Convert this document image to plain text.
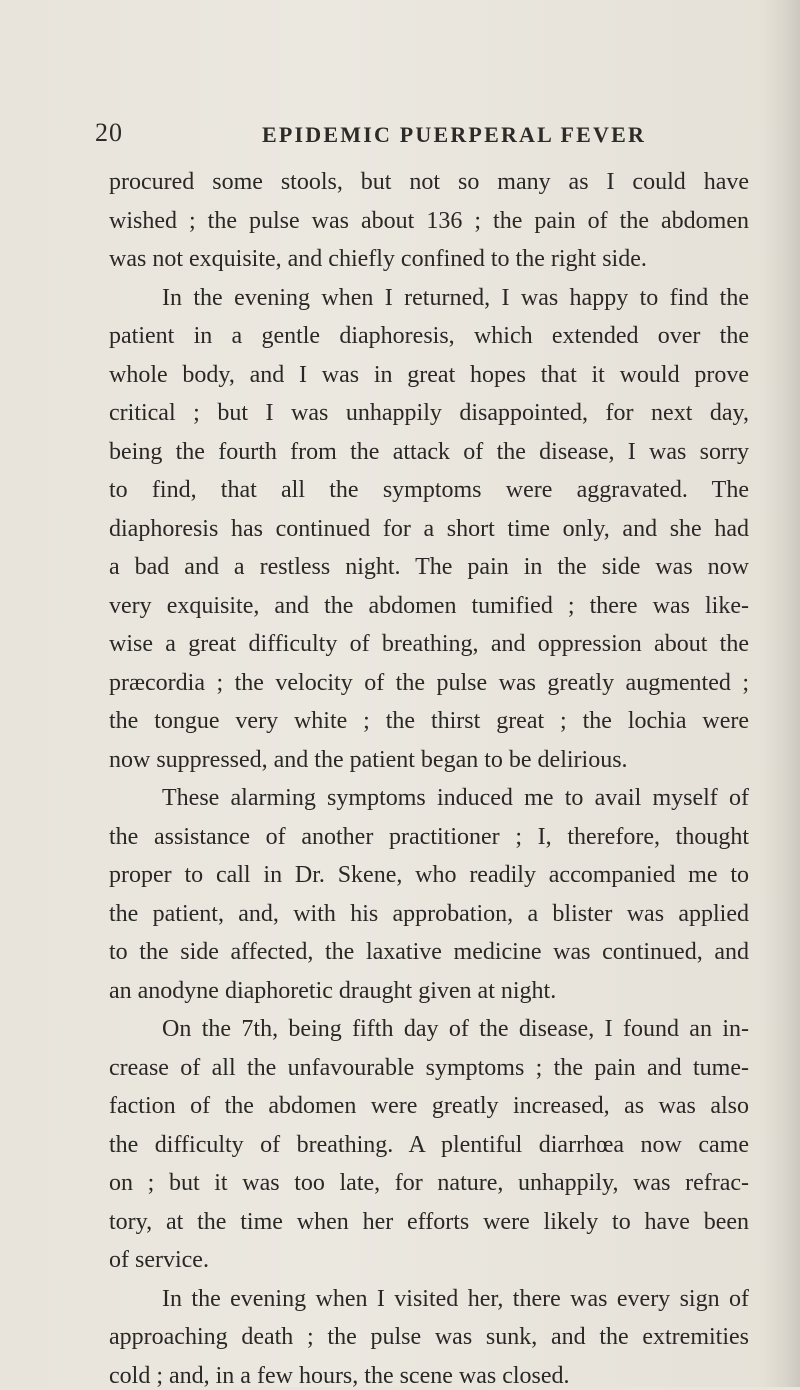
20	EPIDEMIC PUERPERAL FEVER
procured some stools, but not so many as I could have
wished ; the pulse was about 136 ; the pain of the abdomen
was not exquisite, and chiefly confined to the right side.
In the evening when I returned, I was happy to find the
patient in a gentle diaphoresis, which extended over the
whole body, and I was in great hopes that it would prove
critical ; but I was unhappily disappointed, for next day,
being the fourth from the attack of the disease, I was sorry
to find, that all the symptoms were aggravated. The
diaphoresis has continued for a short time only, and she had
a bad and a restless night. The pain in the side was now
very exquisite, and the abdomen tumified ; there was like-
wise a great difficulty of breathing, and oppression about the
præcordia ; the velocity of the pulse was greatly augmented ;
the tongue very white ; the thirst great ; the lochia were
now suppressed, and the patient began to be delirious.
These alarming symptoms induced me to avail myself of
the assistance of another practitioner ; I, therefore, thought
proper to call in Dr. Skene, who readily accompanied me to
the patient, and, with his approbation, a blister was applied
to the side affected, the laxative medicine was continued, and
an anodyne diaphoretic draught given at night.
On the 7th, being fifth day of the disease, I found an in-
crease of all the unfavourable symptoms ; the pain and tume-
faction of the abdomen were greatly increased, as was also
the difficulty of breathing. A plentiful diarrhœa now came
on ; but it was too late, for nature, unhappily, was refrac-
tory, at the time when her efforts were likely to have been
of service.
In the evening when I visited her, there was every sign of
approaching death ; the pulse was sunk, and the extremities
cold ; and, in a few hours, the scene was closed.
